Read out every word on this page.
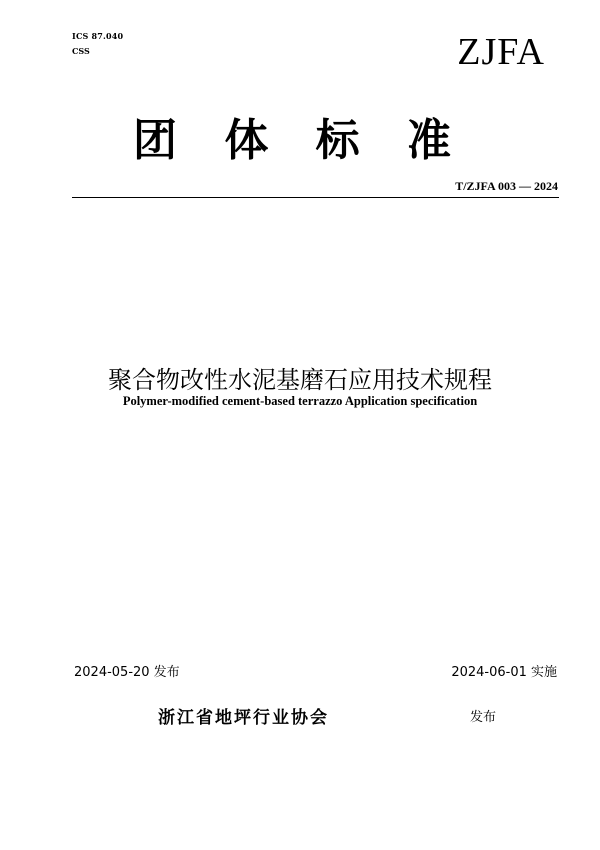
ICS 87.040
CSS	ZJFA
团 体 标 准
T/ZJFA 003 — 2024
聚合物改性水泥基磨石应用技术规程
Polymer-modified cement-based terrazzo Application specification
2024-05-20 发布	2024-06-01 实施
浙江省地坪行业协会	发布
